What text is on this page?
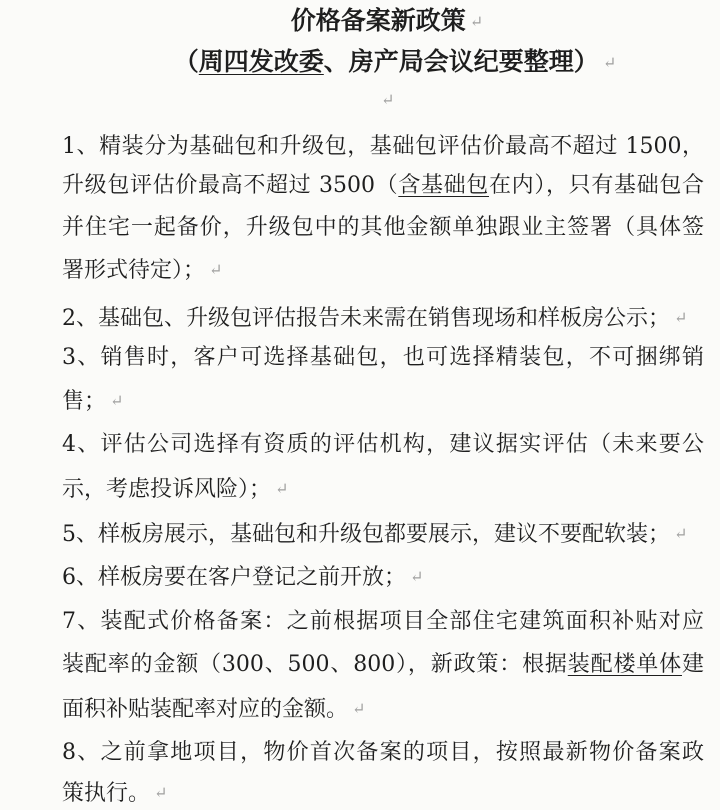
价格备案新政策 ↵
（周四发改委、房产局会议纪要整理） ↵
↵
1、精装分为基础包和升级包，基础包评估价最高不超过 1500，
升级包评估价最高不超过 3500（含基础包在内），只有基础包合
并住宅一起备价，升级包中的其他金额单独跟业主签署（具体签
署形式待定）； ↵
2、基础包、升级包评估报告未来需在销售现场和样板房公示； ↵
3、销售时，客户可选择基础包，也可选择精装包，不可捆绑销
售； ↵
4、评估公司选择有资质的评估机构，建议据实评估（未来要公
示，考虑投诉风险）； ↵
5、样板房展示，基础包和升级包都要展示，建议不要配软装； ↵
6、样板房要在客户登记之前开放； ↵
7、装配式价格备案：之前根据项目全部住宅建筑面积补贴对应
装配率的金额（300、500、800），新政策：根据装配楼单体建
面积补贴装配率对应的金额。 ↵
8、之前拿地项目，物价首次备案的项目，按照最新物价备案政
策执行。 ↵
